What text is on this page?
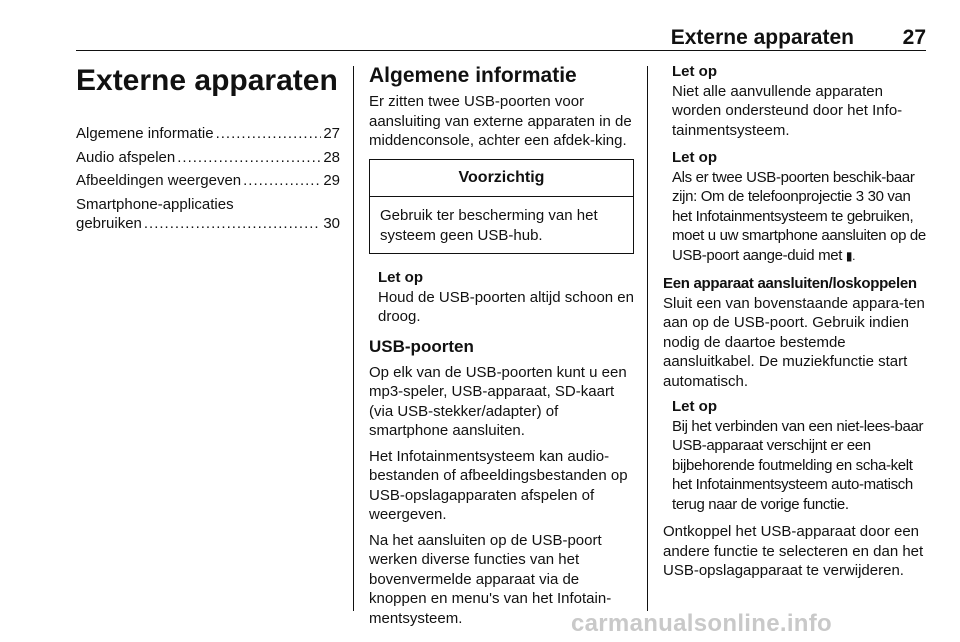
Externe apparaten 27
Externe apparaten
Algemene informatie .....	27
Audio afspelen .....	28
Afbeeldingen weergeven .....	29
Smartphone-applicaties
gebruiken .....	30
Algemene informatie

Er zitten twee USB-poorten voor aansluiting van externe apparaten in de middenconsole, achter een afdek-king.

Voorzichtig
Gebruik ter bescherming van het systeem geen USB-hub.
Let op
Houd de USB-poorten altijd schoon en droog.
USB-poorten

Op elk van de USB-poorten kunt u een mp3-speler, USB-apparaat, SD-kaart (via USB-stekker/adapter) of smartphone aansluiten.

Het Infotainmentsysteem kan audio-bestanden of afbeeldingsbestanden op USB-opslagapparaten afspelen of weergeven.

Na het aansluiten op de USB-poort werken diverse functies van het bovenvermelde apparaat via de knoppen en menu's van het Infotain-mentsysteem.

Let op
Niet alle aanvullende apparaten worden ondersteund door het Info-tainmentsysteem.
Let op
Als er twee USB-poorten beschik-baar zijn: Om de telefoonprojectie 3 30 van het Infotainmentsysteem te gebruiken, moet u uw smartphone aansluiten op de USB-poort aange-duid met ▮.
Een apparaat aansluiten/loskoppelen

Sluit een van bovenstaande appara-ten aan op de USB-poort. Gebruik indien nodig de daartoe bestemde aansluitkabel. De muziekfunctie start automatisch.

Let op
Bij het verbinden van een niet-lees-baar USB-apparaat verschijnt er een bijbehorende foutmelding en scha-kelt het Infotainmentsysteem auto-matisch terug naar de vorige functie.

Ontkoppel het USB-apparaat door een andere functie te selecteren en dan het USB-opslagapparaat te verwijderen.

carmanualsonline.info
